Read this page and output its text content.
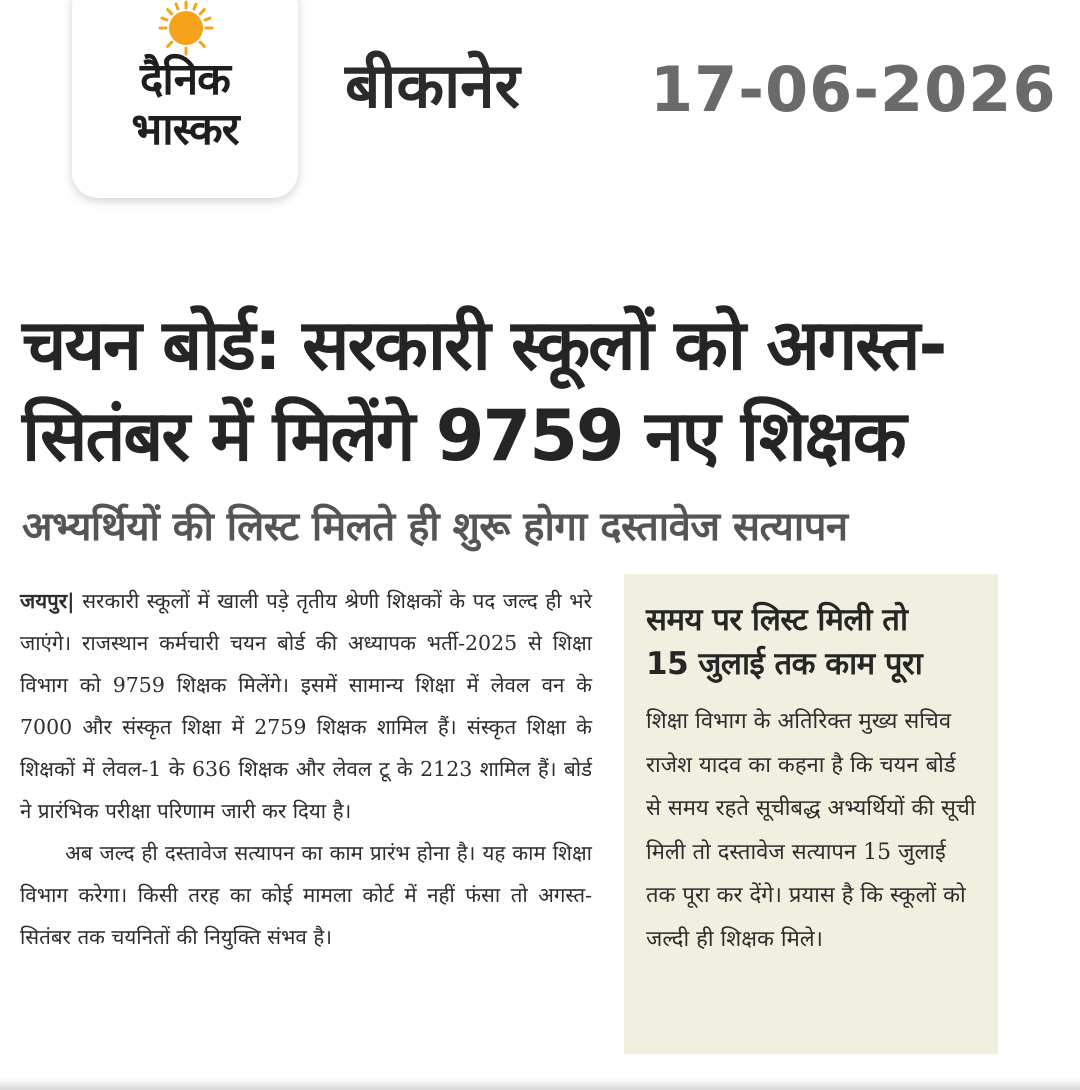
दैनिक
भास्कर
बीकानेर 17-06-2026
चयन बोर्ड: सरकारी स्कूलों को अगस्त-
सितंबर में मिलेंगे 9759 नए शिक्षक
अभ्यर्थियों की लिस्ट मिलते ही शुरू होगा दस्तावेज सत्यापन

जयपुर| सरकारी स्कूलों में खाली पड़े तृतीय श्रेणी शिक्षकों के पद जल्द ही भरे जाएंगे। राजस्थान कर्मचारी चयन बोर्ड की अध्यापक भर्ती-2025 से शिक्षा विभाग को 9759 शिक्षक मिलेंगे। इसमें सामान्य शिक्षा में लेवल वन के 7000 और संस्कृत शिक्षा में 2759 शिक्षक शामिल हैं। संस्कृत शिक्षा के शिक्षकों में लेवल-1 के 636 शिक्षक और लेवल टू के 2123 शामिल हैं। बोर्ड ने प्रारंभिक परीक्षा परिणाम जारी कर दिया है।

अब जल्द ही दस्तावेज सत्यापन का काम प्रारंभ होना है। यह काम शिक्षा विभाग करेगा। किसी तरह का कोई मामला कोर्ट में नहीं फंसा तो अगस्त-सितंबर तक चयनितों की नियुक्ति संभव है।

समय पर लिस्ट मिली तो
15 जुलाई तक काम पूरा
शिक्षा विभाग के अतिरिक्त मुख्य सचिव राजेश यादव का कहना है कि चयन बोर्ड से समय रहते सूचीबद्ध अभ्यर्थियों की सूची मिली तो दस्तावेज सत्यापन 15 जुलाई तक पूरा कर देंगे। प्रयास है कि स्कूलों को जल्दी ही शिक्षक मिले।
